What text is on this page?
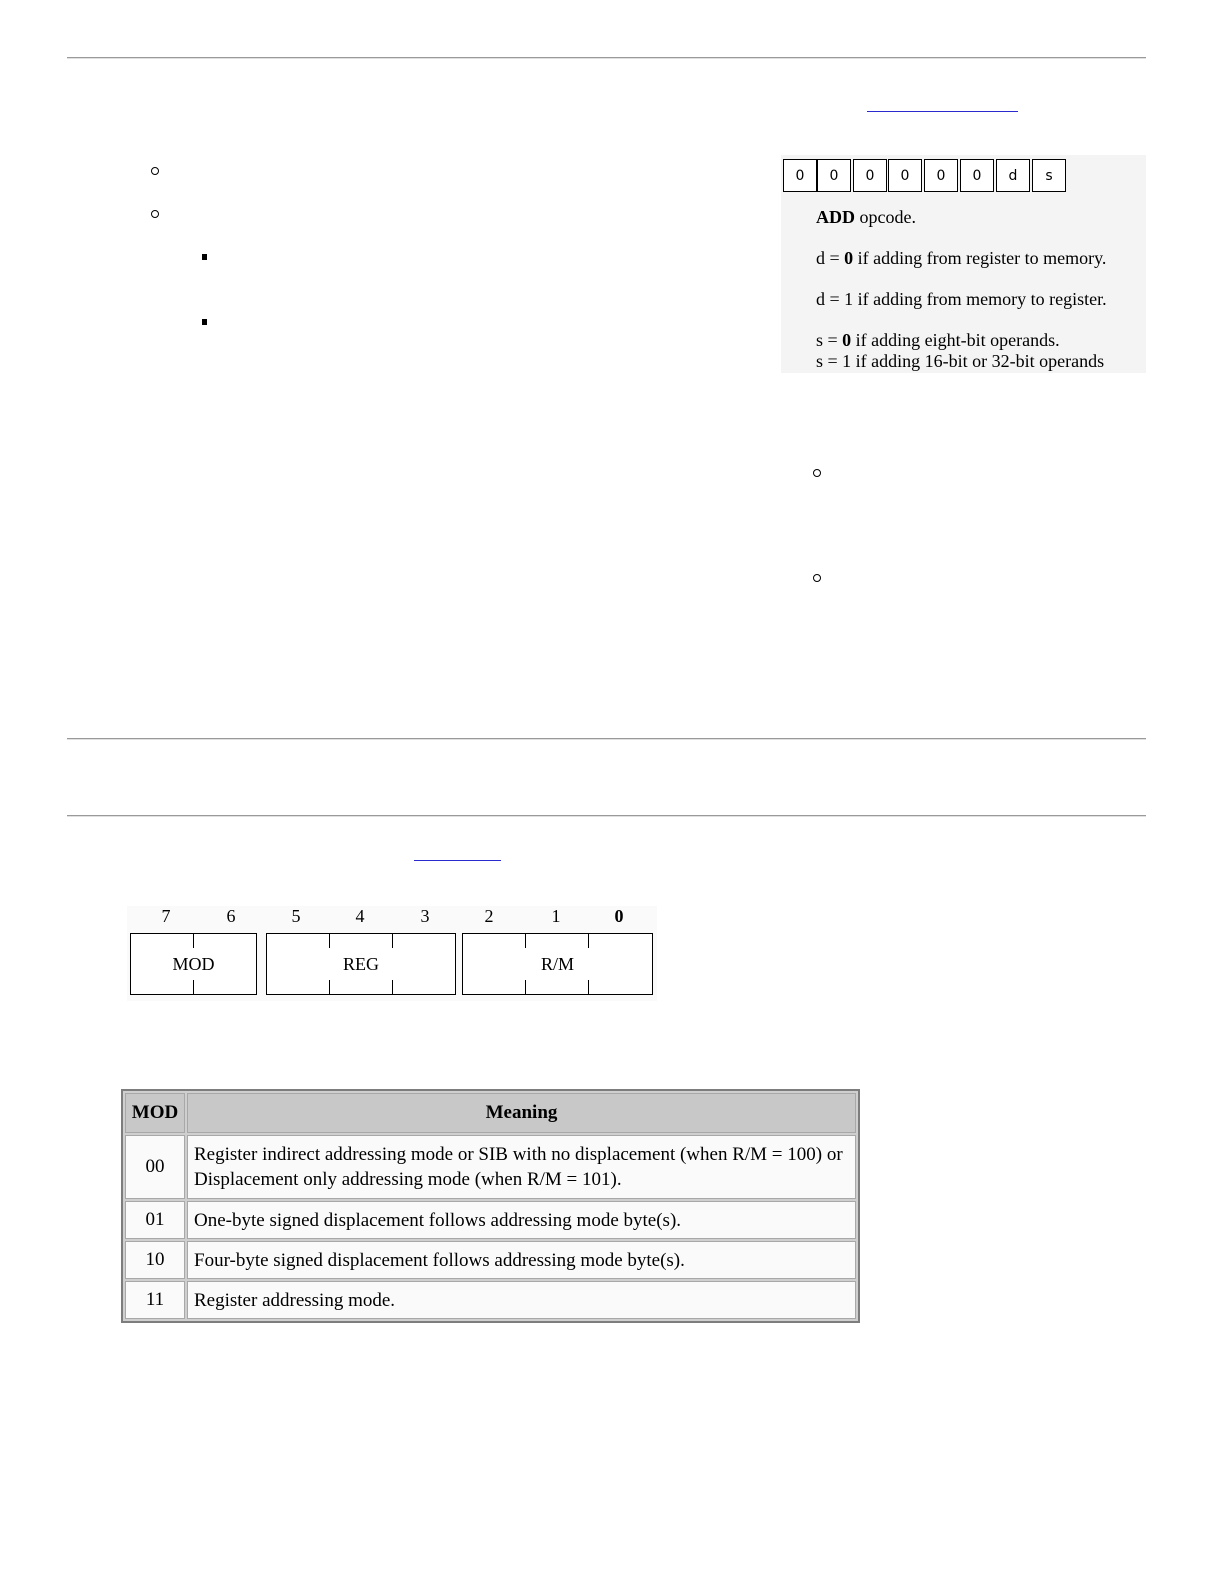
0	0	0	0	0	0	d	s
ADD opcode.
d = 0 if adding from register to memory.
d = 1 if adding from memory to register.
s = 0 if adding eight-bit operands.
s = 1 if adding 16-bit or 32-bit operands
7	6	5	4	3	2	1	0
MOD	REG	R/M
MOD	Meaning
00	Register indirect addressing mode or SIB with no displacement (when R/M = 100) or Displacement only addressing mode (when R/M = 101).
01	One-byte signed displacement follows addressing mode byte(s).
10	Four-byte signed displacement follows addressing mode byte(s).
11	Register addressing mode.
